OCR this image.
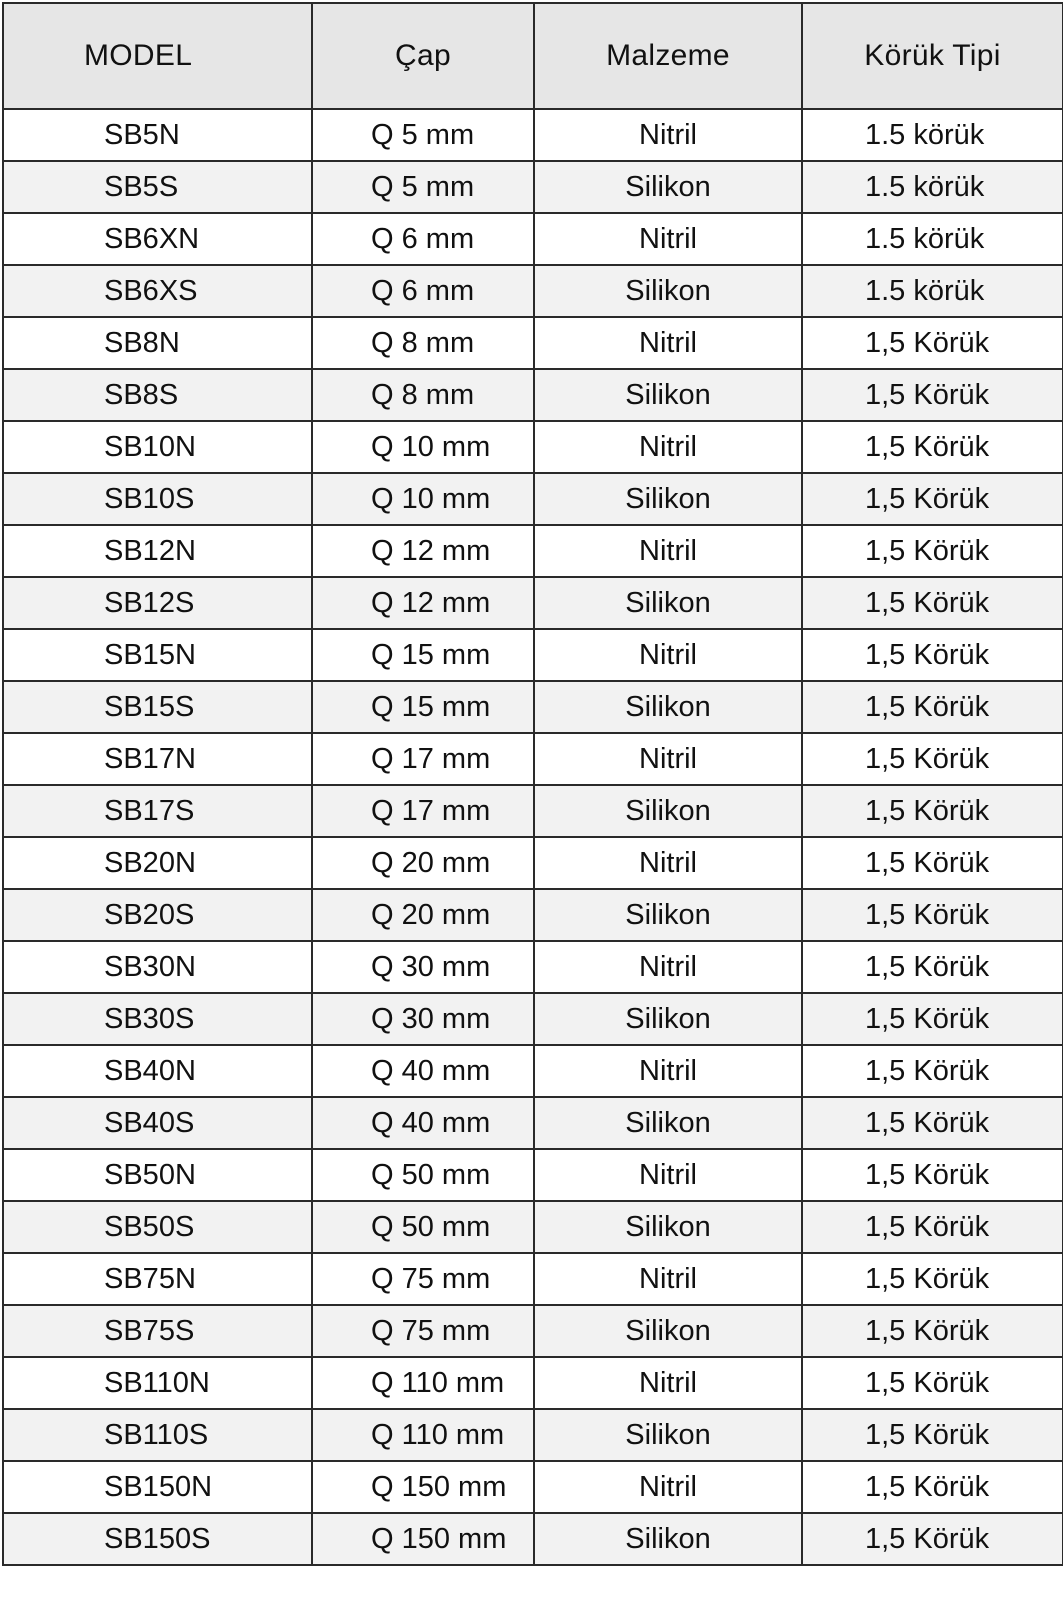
MODEL	Çap	Malzeme	Körük Tipi
SB5N	Q 5 mm	Nitril	1.5 körük
SB5S	Q 5 mm	Silikon	1.5 körük
SB6XN	Q 6 mm	Nitril	1.5 körük
SB6XS	Q 6 mm	Silikon	1.5 körük
SB8N	Q 8 mm	Nitril	1,5 Körük
SB8S	Q 8 mm	Silikon	1,5 Körük
SB10N	Q 10 mm	Nitril	1,5 Körük
SB10S	Q 10 mm	Silikon	1,5 Körük
SB12N	Q 12 mm	Nitril	1,5 Körük
SB12S	Q 12 mm	Silikon	1,5 Körük
SB15N	Q 15 mm	Nitril	1,5 Körük
SB15S	Q 15 mm	Silikon	1,5 Körük
SB17N	Q 17 mm	Nitril	1,5 Körük
SB17S	Q 17 mm	Silikon	1,5 Körük
SB20N	Q 20 mm	Nitril	1,5 Körük
SB20S	Q 20 mm	Silikon	1,5 Körük
SB30N	Q 30 mm	Nitril	1,5 Körük
SB30S	Q 30 mm	Silikon	1,5 Körük
SB40N	Q 40 mm	Nitril	1,5 Körük
SB40S	Q 40 mm	Silikon	1,5 Körük
SB50N	Q 50 mm	Nitril	1,5 Körük
SB50S	Q 50 mm	Silikon	1,5 Körük
SB75N	Q 75 mm	Nitril	1,5 Körük
SB75S	Q 75 mm	Silikon	1,5 Körük
SB110N	Q 110 mm	Nitril	1,5 Körük
SB110S	Q 110 mm	Silikon	1,5 Körük
SB150N	Q 150 mm	Nitril	1,5 Körük
SB150S	Q 150 mm	Silikon	1,5 Körük
